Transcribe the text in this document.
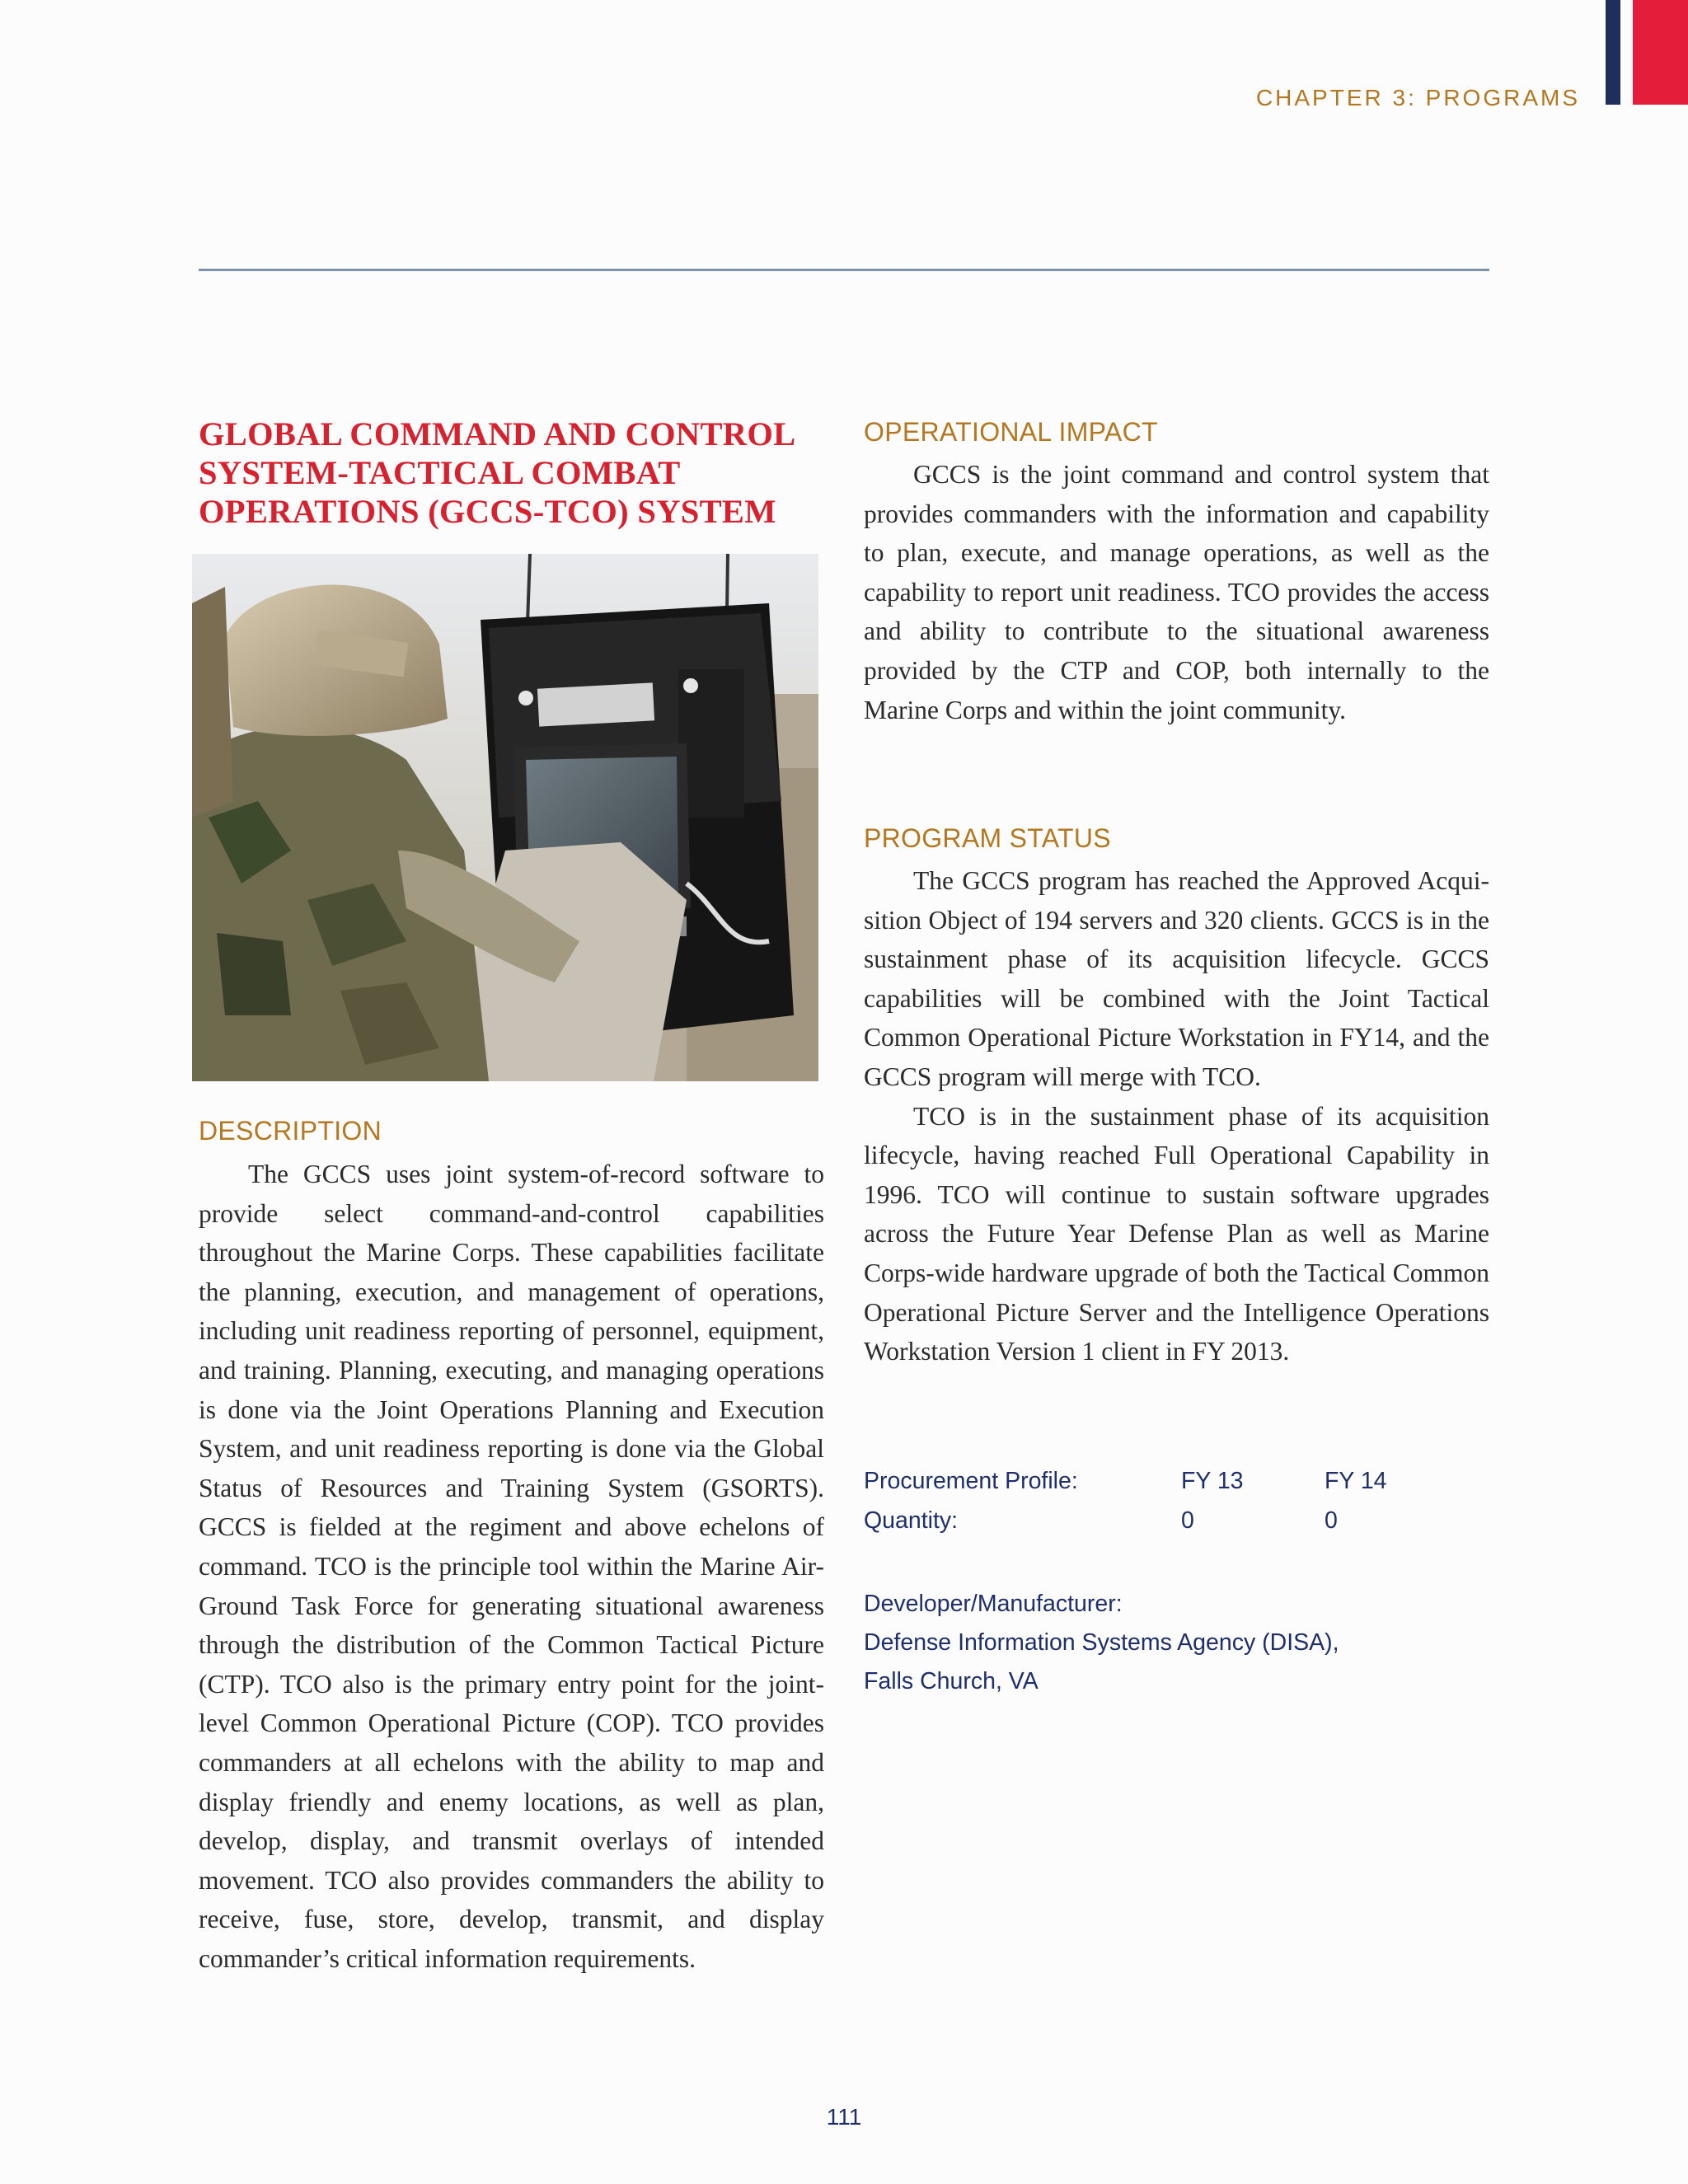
CHAPTER 3: PROGRAMS
GLOBAL COMMAND AND CONTROL
SYSTEM-TACTICAL COMBAT
OPERATIONS (GCCS-TCO) SYSTEM
DESCRIPTION

The GCCS uses joint system-of-record software to provide select command-and-control capabilities throughout the Marine Corps. These capabilities facilitate the planning, execution, and management of operations, including unit readiness reporting of personnel, equipment, and training. Planning, executing, and managing operations is done via the Joint Operations Planning and Execution System, and unit readiness reporting is done via the Global Status of Resources and Training System (GSORTS). GCCS is fielded at the regiment and above echelons of command. TCO is the principle tool within the Marine Air-Ground Task Force for generating situational awareness through the distribution of the Common Tactical Picture (CTP). TCO also is the primary entry point for the joint-level Common Operational Picture (COP). TCO provides commanders at all echelons with the ability to map and display friendly and enemy locations, as well as plan, develop, display, and transmit overlays of intended movement. TCO also provides commanders the ability to receive, fuse, store, develop, transmit, and display commander’s critical information requirements.

OPERATIONAL IMPACT

GCCS is the joint command and control system that provides commanders with the information and capability to plan, execute, and manage operations, as well as the capability to report unit readiness. TCO provides the access and ability to contribute to the situational awareness provided by the CTP and COP, both internally to the Marine Corps and within the joint community.

PROGRAM STATUS

The GCCS program has reached the Approved Acquisition Object of 194 servers and 320 clients. GCCS is in the sustainment phase of its acquisition lifecycle. GCCS capabilities will be combined with the Joint Tactical Common Operational Picture Workstation in FY14, and the GCCS program will merge with TCO.

TCO is in the sustainment phase of its acquisition lifecycle, having reached Full Operational Capability in 1996. TCO will continue to sustain software upgrades across the Future Year Defense Plan as well as Marine Corps-wide hardware upgrade of both the Tactical Common Operational Picture Server and the Intelligence Operations Workstation Version 1 client in FY 2013.

Procurement Profile:	FY 13	FY 14
Quantity:	0	0
Developer/Manufacturer:
Defense Information Systems Agency (DISA),
Falls Church, VA
111
